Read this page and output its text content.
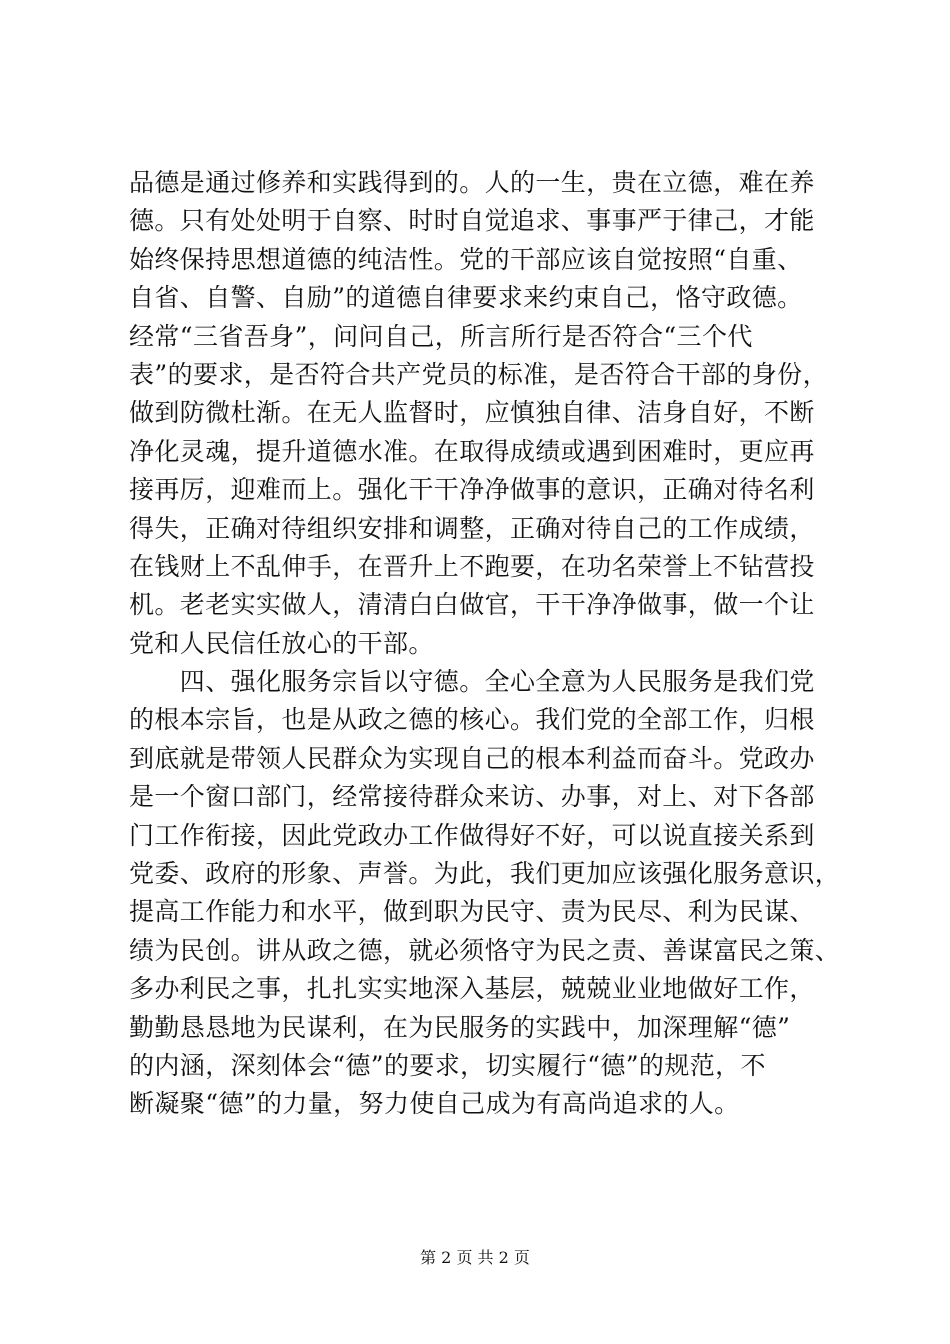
品德是通过修养和实践得到的。人的一生，贵在立德，难在养
德。只有处处明于自察、时时自觉追求、事事严于律己，才能
始终保持思想道德的纯洁性。党的干部应该自觉按照“自重、
自省、自警、自励”的道德自律要求来约束自己，恪守政德。
经常“三省吾身”，问问自己，所言所行是否符合“三个代
表”的要求，是否符合共产党员的标准，是否符合干部的身份，
做到防微杜渐。在无人监督时，应慎独自律、洁身自好，不断
净化灵魂，提升道德水准。在取得成绩或遇到困难时，更应再
接再厉，迎难而上。强化干干净净做事的意识，正确对待名利
得失，正确对待组织安排和调整，正确对待自己的工作成绩，
在钱财上不乱伸手，在晋升上不跑要，在功名荣誉上不钻营投
机。老老实实做人，清清白白做官，干干净净做事，做一个让
党和人民信任放心的干部。
　　四、强化服务宗旨以守德。全心全意为人民服务是我们党
的根本宗旨，也是从政之德的核心。我们党的全部工作，归根
到底就是带领人民群众为实现自己的根本利益而奋斗。党政办
是一个窗口部门，经常接待群众来访、办事，对上、对下各部
门工作衔接，因此党政办工作做得好不好，可以说直接关系到
党委、政府的形象、声誉。为此，我们更加应该强化服务意识，
提高工作能力和水平，做到职为民守、责为民尽、利为民谋、
绩为民创。讲从政之德，就必须恪守为民之责、善谋富民之策、
多办利民之事，扎扎实实地深入基层，兢兢业业地做好工作，
勤勤恳恳地为民谋利，在为民服务的实践中，加深理解“德”
的内涵，深刻体会“德”的要求，切实履行“德”的规范，不
断凝聚“德”的力量，努力使自己成为有高尚追求的人。
第 2 页 共 2 页
